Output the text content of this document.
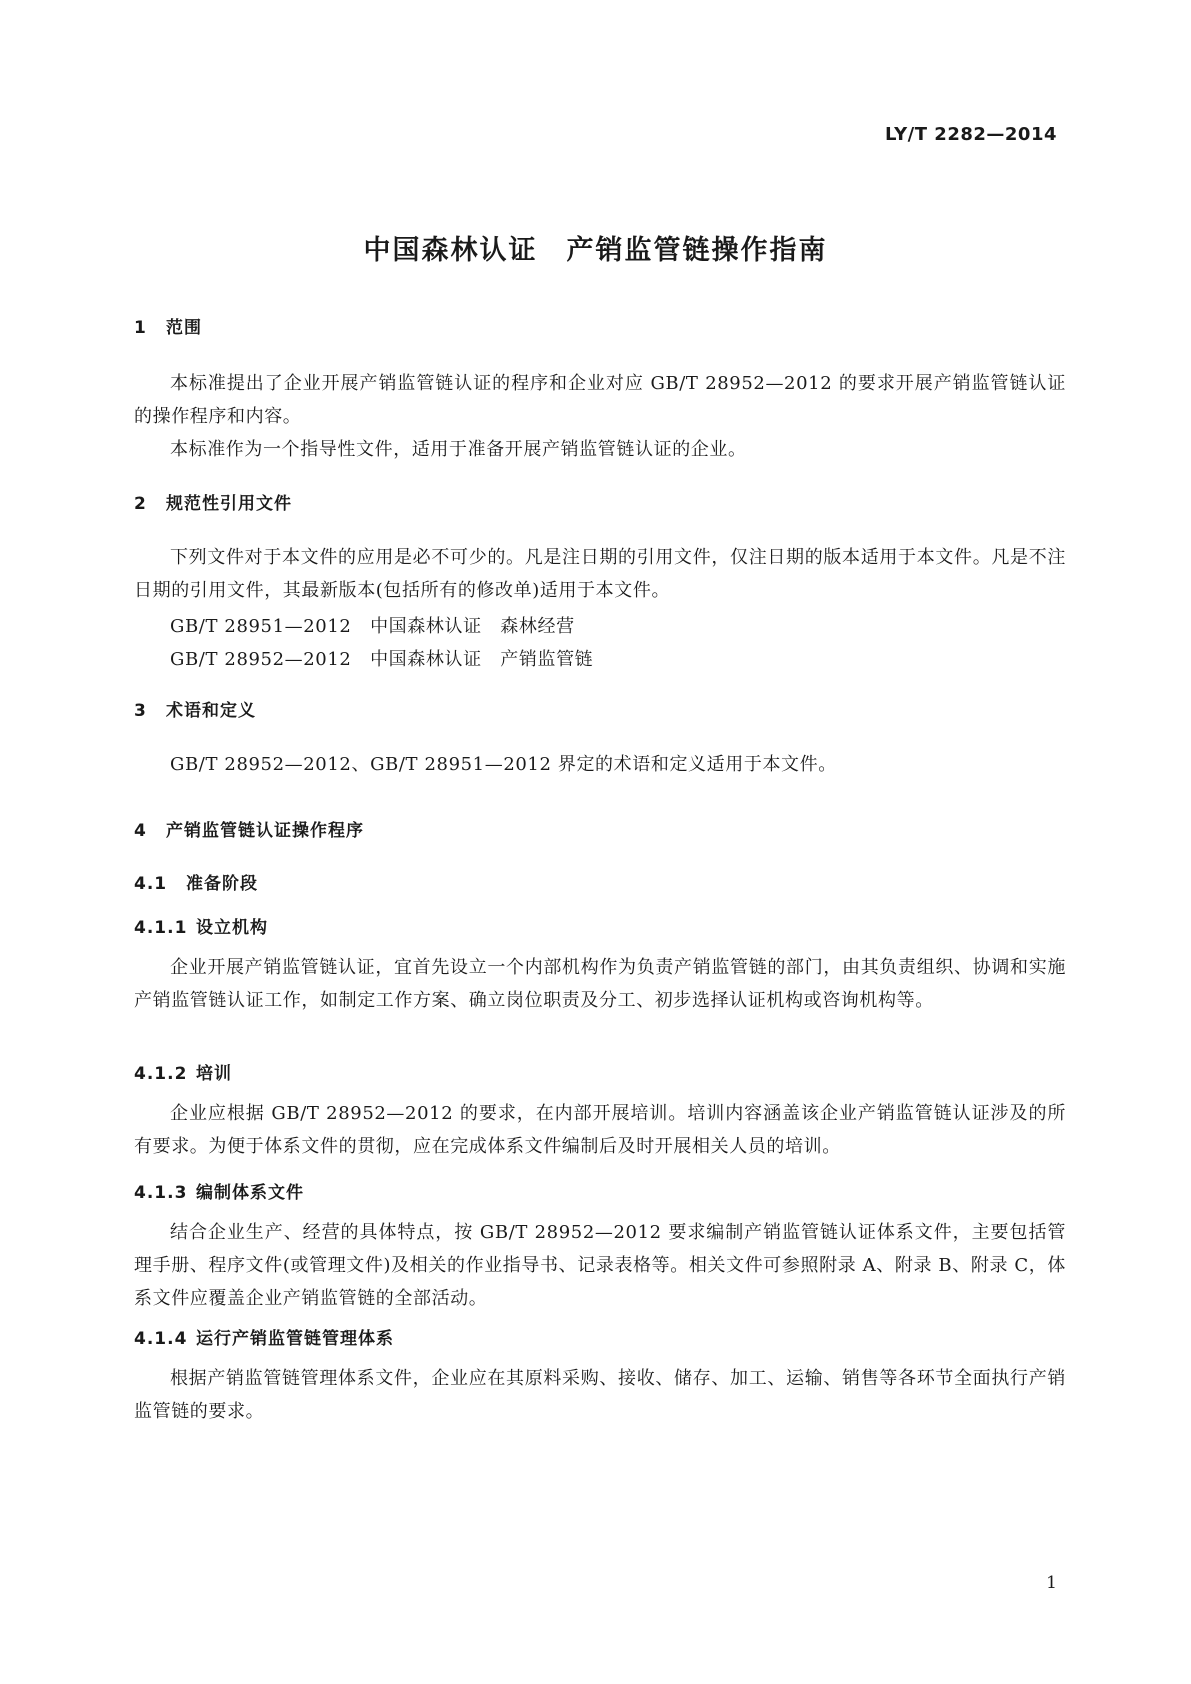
LY/T 2282—2014
中国森林认证　产销监管链操作指南
1 范围

本标准提出了企业开展产销监管链认证的程序和企业对应 GB/T 28952—2012 的要求开展产销监管链认证的操作程序和内容。

本标准作为一个指导性文件，适用于准备开展产销监管链认证的企业。

2 规范性引用文件

下列文件对于本文件的应用是必不可少的。凡是注日期的引用文件，仅注日期的版本适用于本文件。凡是不注日期的引用文件，其最新版本(包括所有的修改单)适用于本文件。

GB/T 28951—2012　中国森林认证　森林经营
GB/T 28952—2012　中国森林认证　产销监管链
3 术语和定义

GB/T 28952—2012、GB/T 28951—2012 界定的术语和定义适用于本文件。

4 产销监管链认证操作程序
4.1 准备阶段
4.1.1 设立机构

企业开展产销监管链认证，宜首先设立一个内部机构作为负责产销监管链的部门，由其负责组织、协调和实施产销监管链认证工作，如制定工作方案、确立岗位职责及分工、初步选择认证机构或咨询机构等。

4.1.2 培训

企业应根据 GB/T 28952—2012 的要求，在内部开展培训。培训内容涵盖该企业产销监管链认证涉及的所有要求。为便于体系文件的贯彻，应在完成体系文件编制后及时开展相关人员的培训。

4.1.3 编制体系文件

结合企业生产、经营的具体特点，按 GB/T 28952—2012 要求编制产销监管链认证体系文件，主要包括管理手册、程序文件(或管理文件)及相关的作业指导书、记录表格等。相关文件可参照附录 A、附录 B、附录 C，体系文件应覆盖企业产销监管链的全部活动。

4.1.4 运行产销监管链管理体系

根据产销监管链管理体系文件，企业应在其原料采购、接收、储存、加工、运输、销售等各环节全面执行产销监管链的要求。

1
